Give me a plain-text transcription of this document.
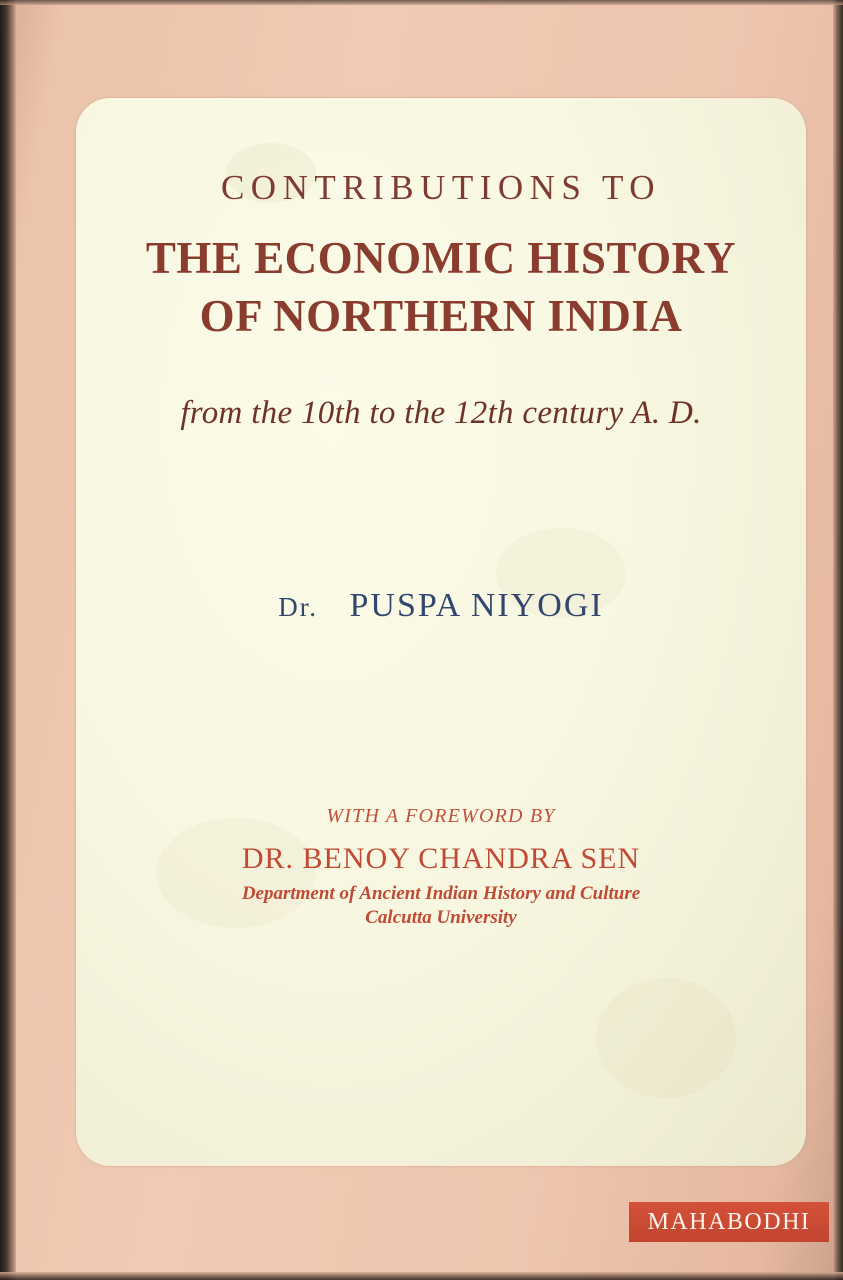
CONTRIBUTIONS TO
THE ECONOMIC HISTORY
OF NORTHERN INDIA
from the 10th to the 12th century A. D.
Dr. PUSPA NIYOGI
WITH A FOREWORD BY
DR. BENOY CHANDRA SEN
Department of Ancient Indian History and Culture
Calcutta University
MAHABODHI
